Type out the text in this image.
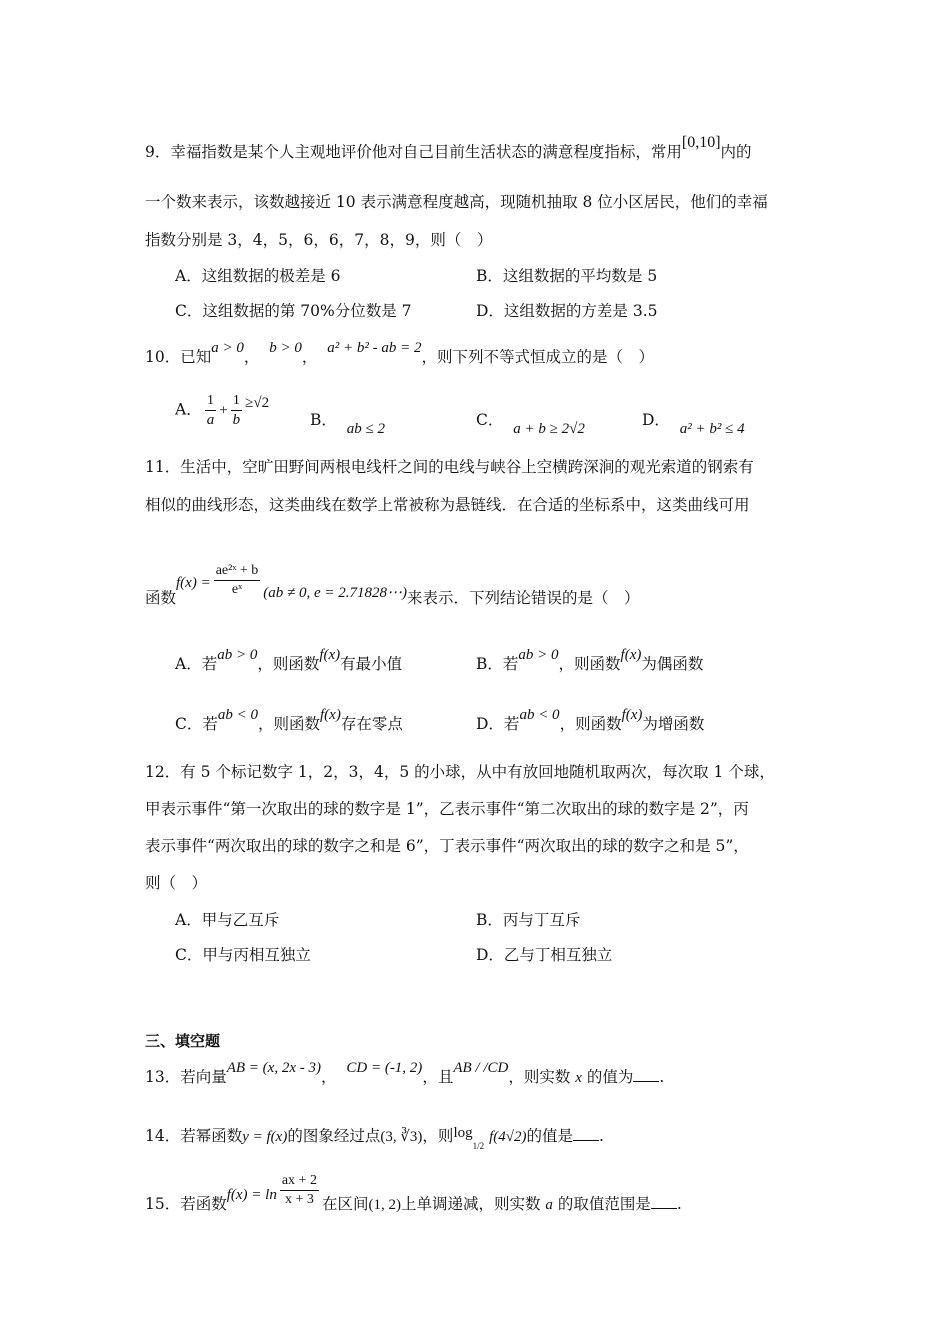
9．幸福指数是某个人主观地评价他对自己目前生活状态的满意程度指标，常用[0,10]内的
一个数来表示，该数越接近 10 表示满意程度越高，现随机抽取 8 位小区居民，他们的幸福
指数分别是 3，4，5，6，6，7，8，9，则（　）
A．这组数据的极差是 6	B．这组数据的平均数是 5
C．这组数据的第 70%分位数是 7	D．这组数据的方差是 3.5
10．已知a > 0， b > 0， a² + b² - ab = 2，则下列不等式恒成立的是（　）
A． $\frac{1}{a} + \frac{1}{b} \ge√2$
B． ab ≤ 2	C． a + b ≥ 2√2	D． a² + b² ≤ 4
11．生活中，空旷田野间两根电线杆之间的电线与峡谷上空横跨深涧的观光索道的钢索有
相似的曲线形态，这类曲线在数学上常被称为悬链线．在合适的坐标系中，这类曲线可用
函数$f(x) = \frac{\text{ae²ˣ + b}}{\text{eˣ}} (ab \ne 0$, e = 2.71828⋯)来表示．下列结论错误的是（　）
A．若ab > 0，则函数f(x)有最小值	B．若ab > 0，则函数f(x)为偶函数
C．若ab < 0，则函数f(x)存在零点	D．若ab < 0，则函数f(x)为增函数
12．有 5 个标记数字 1，2，3，4，5 的小球，从中有放回地随机取两次，每次取 1 个球，
甲表示事件“第一次取出的球的数字是 1”，乙表示事件“第二次取出的球的数字是 2”，丙
表示事件“两次取出的球的数字之和是 6”，丁表示事件“两次取出的球的数字之和是 5”，
则（　）
A．甲与乙互斥	B．丙与丁互斥
C．甲与丙相互独立	D．乙与丁相互独立
三、填空题
13．若向量AB = (x, 2x - 3)， CD = (-1, 2)，且AB / /CD，则实数 x 的值为 .
14．若幂函数y = f(x)的图象经过点(3, ∛3)，则$\log_{1/2} f(4√2)$的值是 .
15．若函数$f(x) = \ln \frac{ax + 2}{x + 3}$ 在区间(1, 2)上单调递减，则实数 a 的取值范围是 .
